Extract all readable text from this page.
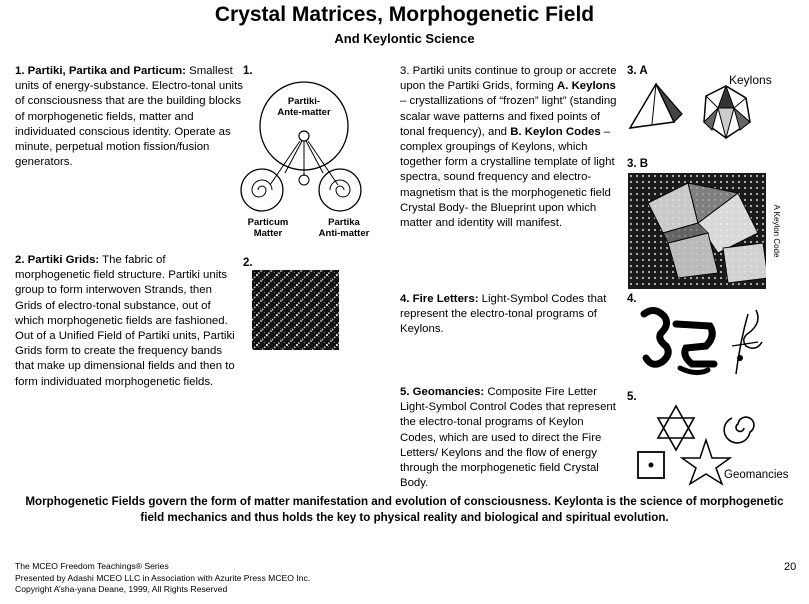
Crystal Matrices, Morphogenetic Field
And Keylontic Science
1. Partiki, Partika and Particum: Smallest units of energy-substance. Electro-tonal units of consciousness that are the building blocks of morphogenetic fields, matter and individuated conscious identity. Operate as minute, perpetual motion fission/fusion generators.
2. Partiki Grids: The fabric of morphogenetic field structure. Partiki units group to form interwoven Strands, then Grids of electro-tonal substance, out of which morphogenetic fields are fashioned. Out of a Unified Field of Partiki units, Partiki Grids form to create the frequency bands that make up dimensional fields and then to form individuated morphogenetic fields.
1.
Partiki-Ante-matter
Particum Matter
Partika Anti-matter
2.
3. Partiki units continue to group or accrete upon the Partiki Grids, forming A. Keylons – crystallizations of “frozen” light” (standing scalar wave patterns and fixed points of tonal frequency), and B. Keylon Codes – complex groupings of Keylons, which together form a crystalline template of light spectra, sound frequency and electro-magnetism that is the morphogenetic field Crystal Body- the Blueprint upon which matter and identity will manifest.
4. Fire Letters: Light-Symbol Codes that represent the electro-tonal programs of Keylons.
5. Geomancies: Composite Fire Letter Light-Symbol Control Codes that represent the electro-tonal programs of Keylon Codes, which are used to direct the Fire Letters/ Keylons and the flow of energy through the morphogenetic field Crystal Body.
3. A
Keylons
3. B
A Keylon Code
4.
5.
Geomancies
Morphogenetic Fields govern the form of matter manifestation and evolution of consciousness. Keylonta is the science of morphogenetic field mechanics and thus holds the key to physical reality and biological and spiritual evolution.
The MCEO Freedom Teachings® Series
Presented by Adashi MCEO LLC in Association with Azurite Press MCEO Inc.
Copyright A’sha-yana Deane, 1999, All Rights Reserved
20
